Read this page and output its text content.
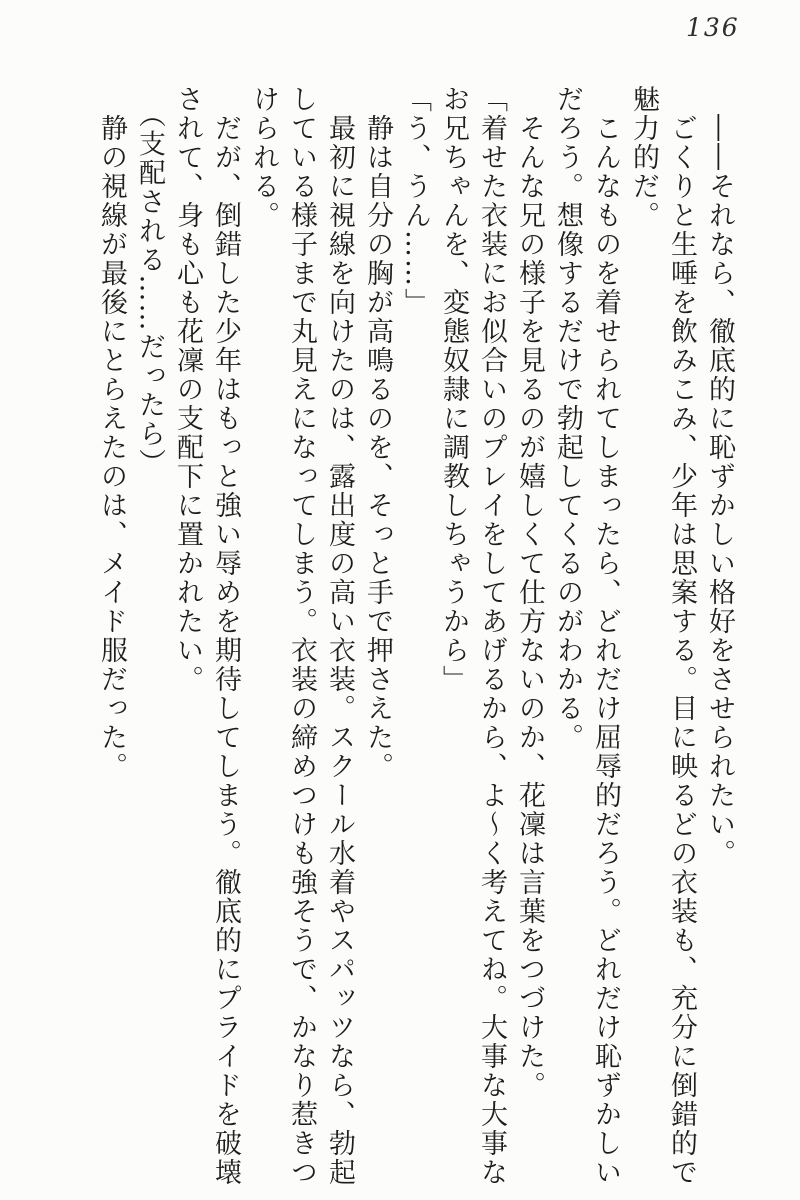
136
　――それなら、徹底的に恥ずかしい格好をさせられたい。
　ごくりと生唾を飲みこみ、少年は思案する。目に映るどの衣装も、充分に倒錯的で
魅力的だ。
　こんなものを着せられてしまったら、どれだけ屈辱的だろう。どれだけ恥ずかしい
だろう。想像するだけで勃起してくるのがわかる。
　そんな兄の様子を見るのが嬉しくて仕方ないのか、花凜は言葉をつづけた。
「着せた衣装にお似合いのプレイをしてあげるから、よ〜く考えてね。大事な大事な
お兄ちゃんを、変態奴隷に調教しちゃうから」
「う、うん……」
　静は自分の胸が高鳴るのを、そっと手で押さえた。
　最初に視線を向けたのは、露出度の高い衣装。スクール水着やスパッツなら、勃起
している様子まで丸見えになってしまう。衣装の締めつけも強そうで、かなり惹きつ
けられる。
　だが、倒錯した少年はもっと強い辱めを期待してしまう。徹底的にプライドを破壊
されて、身も心も花凜の支配下に置かれたい。
　（支配される……だったら）
　静の視線が最後にとらえたのは、メイド服だった。
